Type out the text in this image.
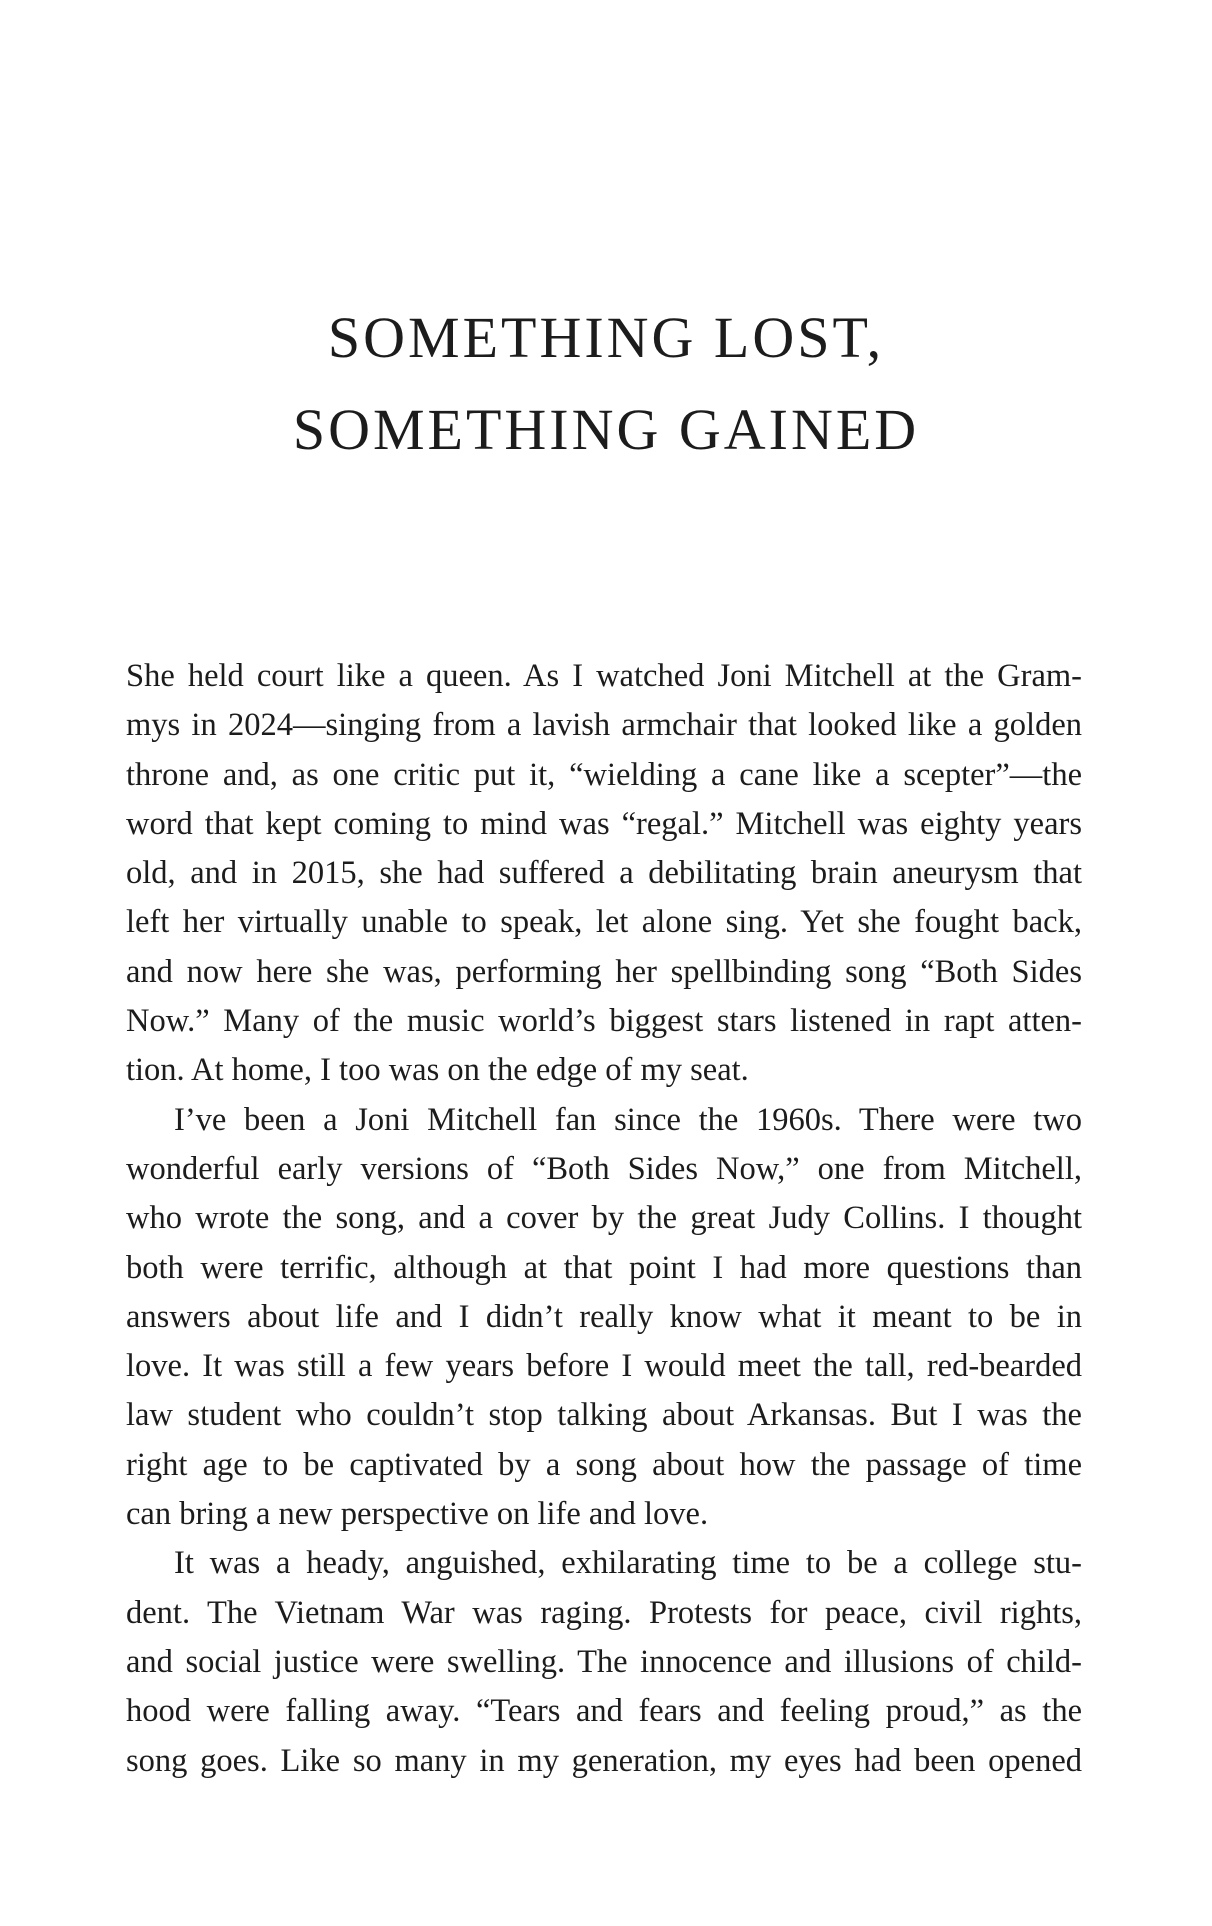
SOMETHING LOST,
SOMETHING GAINED
She held court like a queen. As I watched Joni Mitchell at the Gram-
mys in 2024—singing from a lavish armchair that looked like a golden
throne and, as one critic put it, “wielding a cane like a scepter”—the
word that kept coming to mind was “regal.” Mitchell was eighty years
old, and in 2015, she had suffered a debilitating brain aneurysm that
left her virtually unable to speak, let alone sing. Yet she fought back,
and now here she was, performing her spellbinding song “Both Sides
Now.” Many of the music world’s biggest stars listened in rapt atten-
tion. At home, I too was on the edge of my seat.
I’ve been a Joni Mitchell fan since the 1960s. There were two
wonderful early versions of “Both Sides Now,” one from Mitchell,
who wrote the song, and a cover by the great Judy Collins. I thought
both were terrific, although at that point I had more questions than
answers about life and I didn’t really know what it meant to be in
love. It was still a few years before I would meet the tall, red-bearded
law student who couldn’t stop talking about Arkansas. But I was the
right age to be captivated by a song about how the passage of time
can bring a new perspective on life and love.
It was a heady, anguished, exhilarating time to be a college stu-
dent. The Vietnam War was raging. Protests for peace, civil rights,
and social justice were swelling. The innocence and illusions of child-
hood were falling away. “Tears and fears and feeling proud,” as the
song goes. Like so many in my generation, my eyes had been opened
